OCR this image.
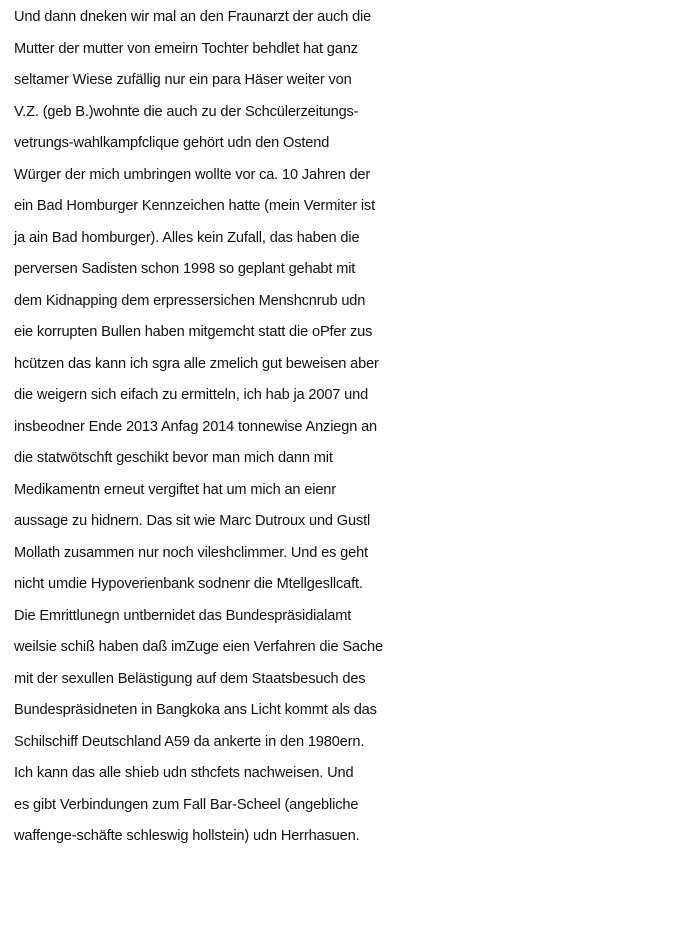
Und dann dneken wir mal an den Fraunarzt der auch die
Mutter der mutter von emeirn Tochter behdlet hat ganz
seltamer Wiese zufällig nur ein para Häser weiter von
V.Z. (geb B.)wohnte die auch zu der Schcülerzeitungs-
vetrungs-wahlkampfclique gehört udn den Ostend
Würger der mich umbringen wollte vor ca. 10 Jahren der
ein Bad Homburger Kennzeichen hatte (mein Vermiter ist
ja ain Bad homburger). Alles kein Zufall, das haben die
perversen Sadisten schon 1998 so geplant gehabt mit
dem Kidnapping dem erpressersichen Menshcnrub udn
eie korrupten Bullen haben mitgemcht statt die oPfer zus
hcützen das kann ich sgra alle zmelich gut beweisen aber
die weigern sich eifach zu ermitteln, ich hab ja 2007 und
insbeodner Ende 2013 Anfag 2014 tonnewise Anziegn an
die statwötschft geschikt bevor man mich dann mit
Medikamentn erneut vergiftet hat um mich an eienr
aussage zu hidnern. Das sit wie Marc Dutroux und Gustl
Mollath zusammen nur noch vileshclimmer. Und es geht
nicht umdie Hypoverienbank sodnenr die Mtellgesllcaft.
Die Emrittlunegn untbernidet das Bundespräsidialamt
weilsie schiß haben daß imZuge eien Verfahren die Sache
mit der sexullen Belästigung auf dem Staatsbesuch des
Bundespräsidneten in Bangkoka ans Licht kommt als das
Schilschiff Deutschland A59 da ankerte in den 1980ern.
Ich kann das alle shieb udn sthcfets nachweisen. Und
es gibt Verbindungen zum Fall Bar-Scheel (angebliche
waffenge-schäfte schleswig hollstein) udn Herrhasuen.
